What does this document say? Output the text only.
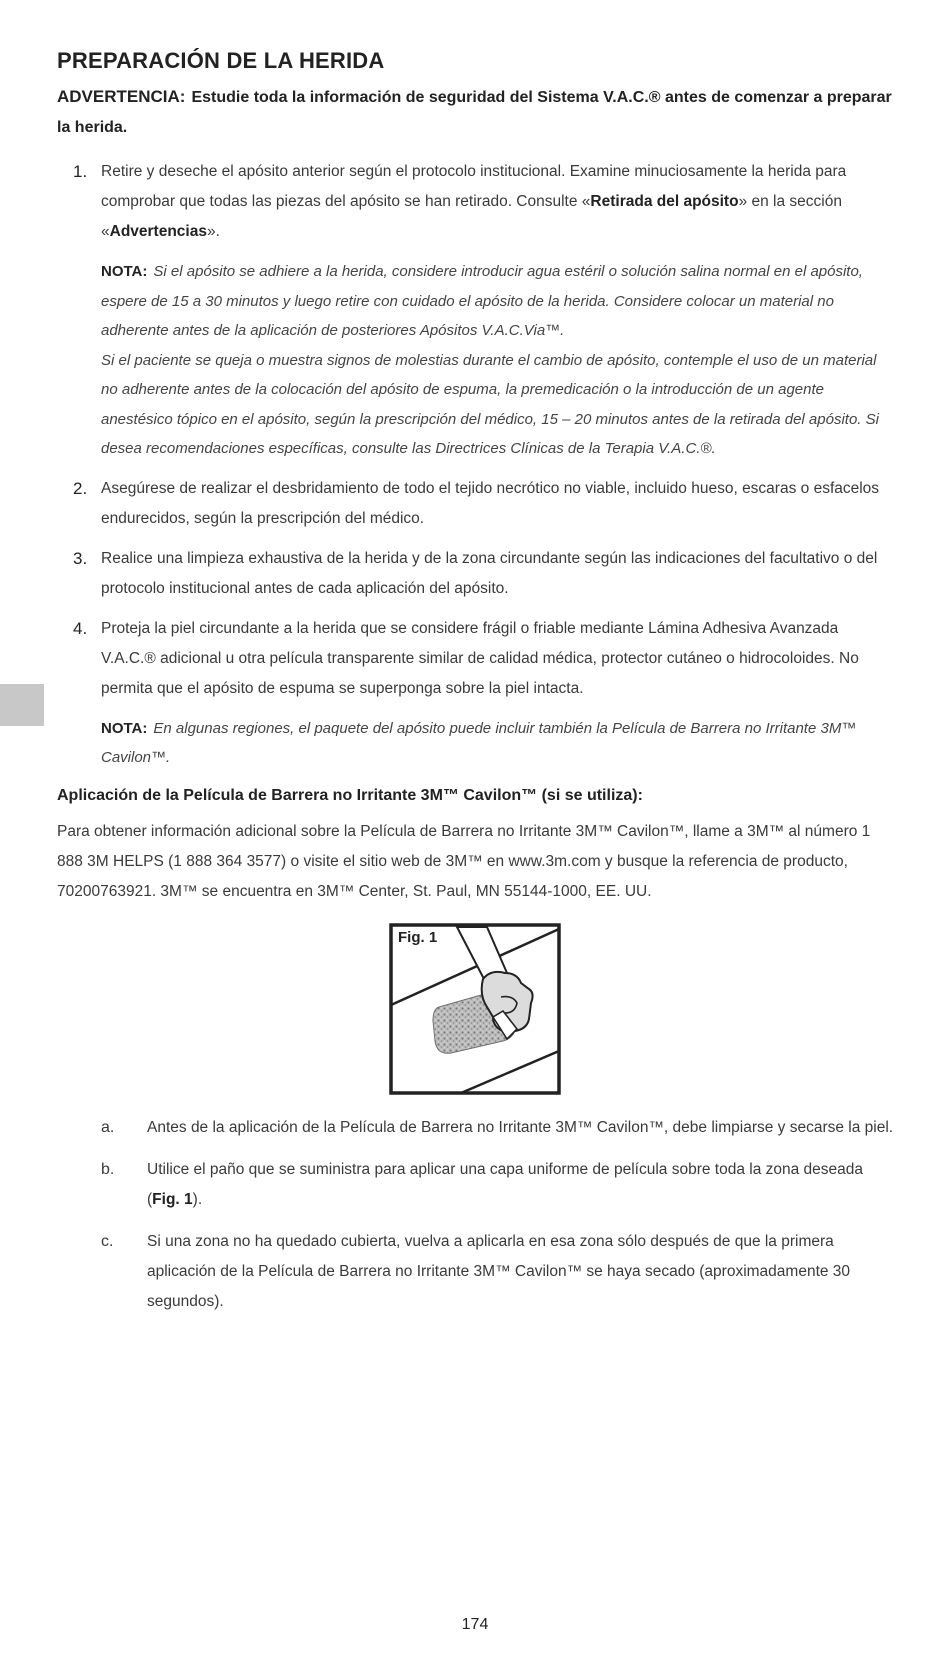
PREPARACIÓN DE LA HERIDA
ADVERTENCIA: Estudie toda la información de seguridad del Sistema V.A.C.® antes de comenzar a preparar la herida.
1. Retire y deseche el apósito anterior según el protocolo institucional. Examine minuciosamente la herida para comprobar que todas las piezas del apósito se han retirado. Consulte «Retirada del apósito» en la sección «Advertencias».

NOTA: Si el apósito se adhiere a la herida, considere introducir agua estéril o solución salina normal en el apósito, espere de 15 a 30 minutos y luego retire con cuidado el apósito de la herida. Considere colocar un material no adherente antes de la aplicación de posteriores Apósitos V.A.C.Via™.

Si el paciente se queja o muestra signos de molestias durante el cambio de apósito, contemple el uso de un material no adherente antes de la colocación del apósito de espuma, la premedicación o la introducción de un agente anestésico tópico en el apósito, según la prescripción del médico, 15 – 20 minutos antes de la retirada del apósito. Si desea recomendaciones específicas, consulte las Directrices Clínicas de la Terapia V.A.C.®.

2. Asegúrese de realizar el desbridamiento de todo el tejido necrótico no viable, incluido hueso, escaras o esfacelos endurecidos, según la prescripción del médico.
3. Realice una limpieza exhaustiva de la herida y de la zona circundante según las indicaciones del facultativo o del protocolo institucional antes de cada aplicación del apósito.
4. Proteja la piel circundante a la herida que se considere frágil o friable mediante Lámina Adhesiva Avanzada V.A.C.® adicional u otra película transparente similar de calidad médica, protector cutáneo o hidrocoloides. No permita que el apósito de espuma se superponga sobre la piel intacta.

NOTA: En algunas regiones, el paquete del apósito puede incluir también la Película de Barrera no Irritante 3M™ Cavilon™.

Aplicación de la Película de Barrera no Irritante 3M™ Cavilon™ (si se utiliza):

Para obtener información adicional sobre la Película de Barrera no Irritante 3M™ Cavilon™, llame a 3M™ al número 1 888 3M HELPS (1 888 364 3577) o visite el sitio web de 3M™ en www.3m.com y busque la referencia de producto, 70200763921. 3M™ se encuentra en 3M™ Center, St. Paul, MN 55144-1000, EE. UU.

Fig. 1
a. Antes de la aplicación de la Película de Barrera no Irritante 3M™ Cavilon™, debe limpiarse y secarse la piel.
b. Utilice el paño que se suministra para aplicar una capa uniforme de película sobre toda la zona deseada (Fig. 1).
c. Si una zona no ha quedado cubierta, vuelva a aplicarla en esa zona sólo después de que la primera aplicación de la Película de Barrera no Irritante 3M™ Cavilon™ se haya secado (aproximadamente 30 segundos).
174
